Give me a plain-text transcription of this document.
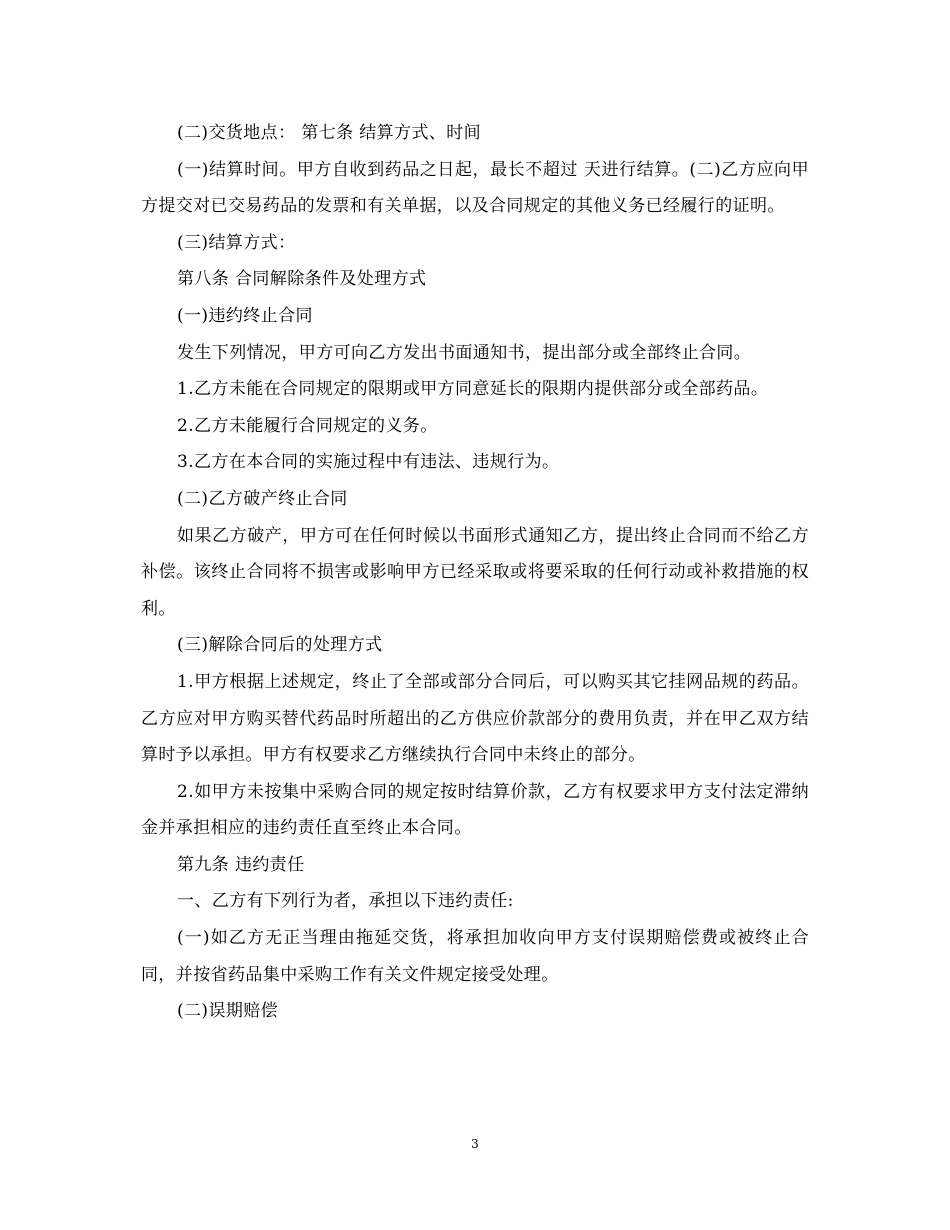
(二)交货地点： 第七条 结算方式、时间

(一)结算时间。甲方自收到药品之日起，最长不超过 天进行结算。(二)乙方应向甲方提交对已交易药品的发票和有关单据，以及合同规定的其他义务已经履行的证明。

(三)结算方式：

第八条 合同解除条件及处理方式

(一)违约终止合同

发生下列情况，甲方可向乙方发出书面通知书，提出部分或全部终止合同。

1.乙方未能在合同规定的限期或甲方同意延长的限期内提供部分或全部药品。

2.乙方未能履行合同规定的义务。

3.乙方在本合同的实施过程中有违法、违规行为。

(二)乙方破产终止合同

如果乙方破产，甲方可在任何时候以书面形式通知乙方，提出终止合同而不给乙方补偿。该终止合同将不损害或影响甲方已经采取或将要采取的任何行动或补救措施的权利。

(三)解除合同后的处理方式

1.甲方根据上述规定，终止了全部或部分合同后，可以购买其它挂网品规的药品。乙方应对甲方购买替代药品时所超出的乙方供应价款部分的费用负责，并在甲乙双方结算时予以承担。甲方有权要求乙方继续执行合同中未终止的部分。

2.如甲方未按集中采购合同的规定按时结算价款，乙方有权要求甲方支付法定滞纳金并承担相应的违约责任直至终止本合同。

第九条 违约责任

一、乙方有下列行为者，承担以下违约责任:

(一)如乙方无正当理由拖延交货，将承担加收向甲方支付误期赔偿费或被终止合同，并按省药品集中采购工作有关文件规定接受处理。

(二)误期赔偿

3
